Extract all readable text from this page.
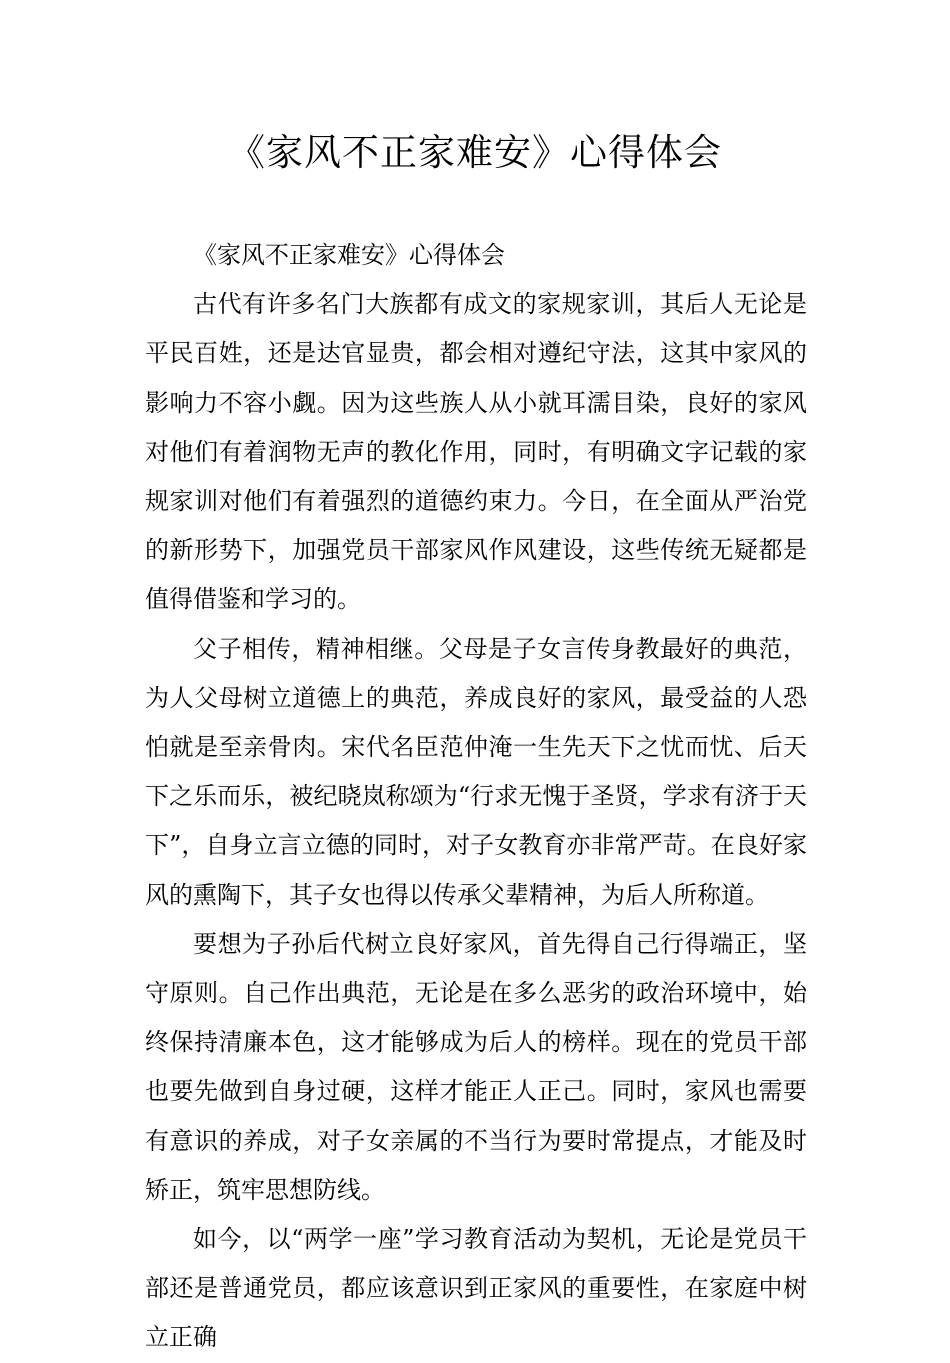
《家风不正家难安》心得体会

《家风不正家难安》心得体会

古代有许多名门大族都有成文的家规家训，其后人无论是平民百姓，还是达官显贵，都会相对遵纪守法，这其中家风的影响力不容小觑。因为这些族人从小就耳濡目染，良好的家风对他们有着润物无声的教化作用，同时，有明确文字记载的家规家训对他们有着强烈的道德约束力。今日，在全面从严治党的新形势下，加强党员干部家风作风建设，这些传统无疑都是值得借鉴和学习的。

父子相传，精神相继。父母是子女言传身教最好的典范，为人父母树立道德上的典范，养成良好的家风，最受益的人恐怕就是至亲骨肉。宋代名臣范仲淹一生先天下之忧而忧、后天下之乐而乐，被纪晓岚称颂为“行求无愧于圣贤，学求有济于天下”，自身立言立德的同时，对子女教育亦非常严苛。在良好家风的熏陶下，其子女也得以传承父辈精神，为后人所称道。

要想为子孙后代树立良好家风，首先得自己行得端正，坚守原则。自己作出典范，无论是在多么恶劣的政治环境中，始终保持清廉本色，这才能够成为后人的榜样。现在的党员干部也要先做到自身过硬，这样才能正人正己。同时，家风也需要有意识的养成，对子女亲属的不当行为要时常提点，才能及时矫正，筑牢思想防线。

如今，以“两学一座”学习教育活动为契机，无论是党员干部还是普通党员，都应该意识到正家风的重要性，在家庭中树立正确
